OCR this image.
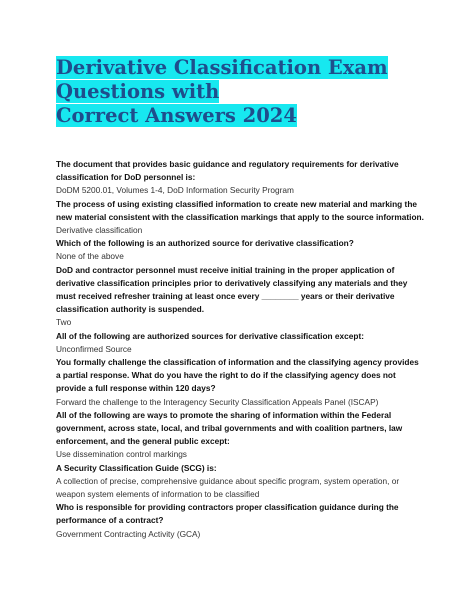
Derivative Classification Exam Questions with
Correct Answers 2024
The document that provides basic guidance and regulatory requirements for derivative classification for DoD personnel is:
DoDM 5200.01, Volumes 1-4, DoD Information Security Program
The process of using existing classified information to create new material and marking the new material consistent with the classification markings that apply to the source information.
Derivative classification
Which of the following is an authorized source for derivative classification?
None of the above
DoD and contractor personnel must receive initial training in the proper application of derivative classification principles prior to derivatively classifying any materials and they must received refresher training at least once every ________ years or their derivative classification authority is suspended.
Two
All of the following are authorized sources for derivative classification except:
Unconfirmed Source
You formally challenge the classification of information and the classifying agency provides a partial response. What do you have the right to do if the classifying agency does not provide a full response within 120 days?
Forward the challenge to the Interagency Security Classification Appeals Panel (ISCAP)
All of the following are ways to promote the sharing of information within the Federal government, across state, local, and tribal governments and with coalition partners, law enforcement, and the general public except:
Use dissemination control markings
A Security Classification Guide (SCG) is:
A collection of precise, comprehensive guidance about specific program, system operation, or weapon system elements of information to be classified
Who is responsible for providing contractors proper classification guidance during the performance of a contract?
Government Contracting Activity (GCA)
